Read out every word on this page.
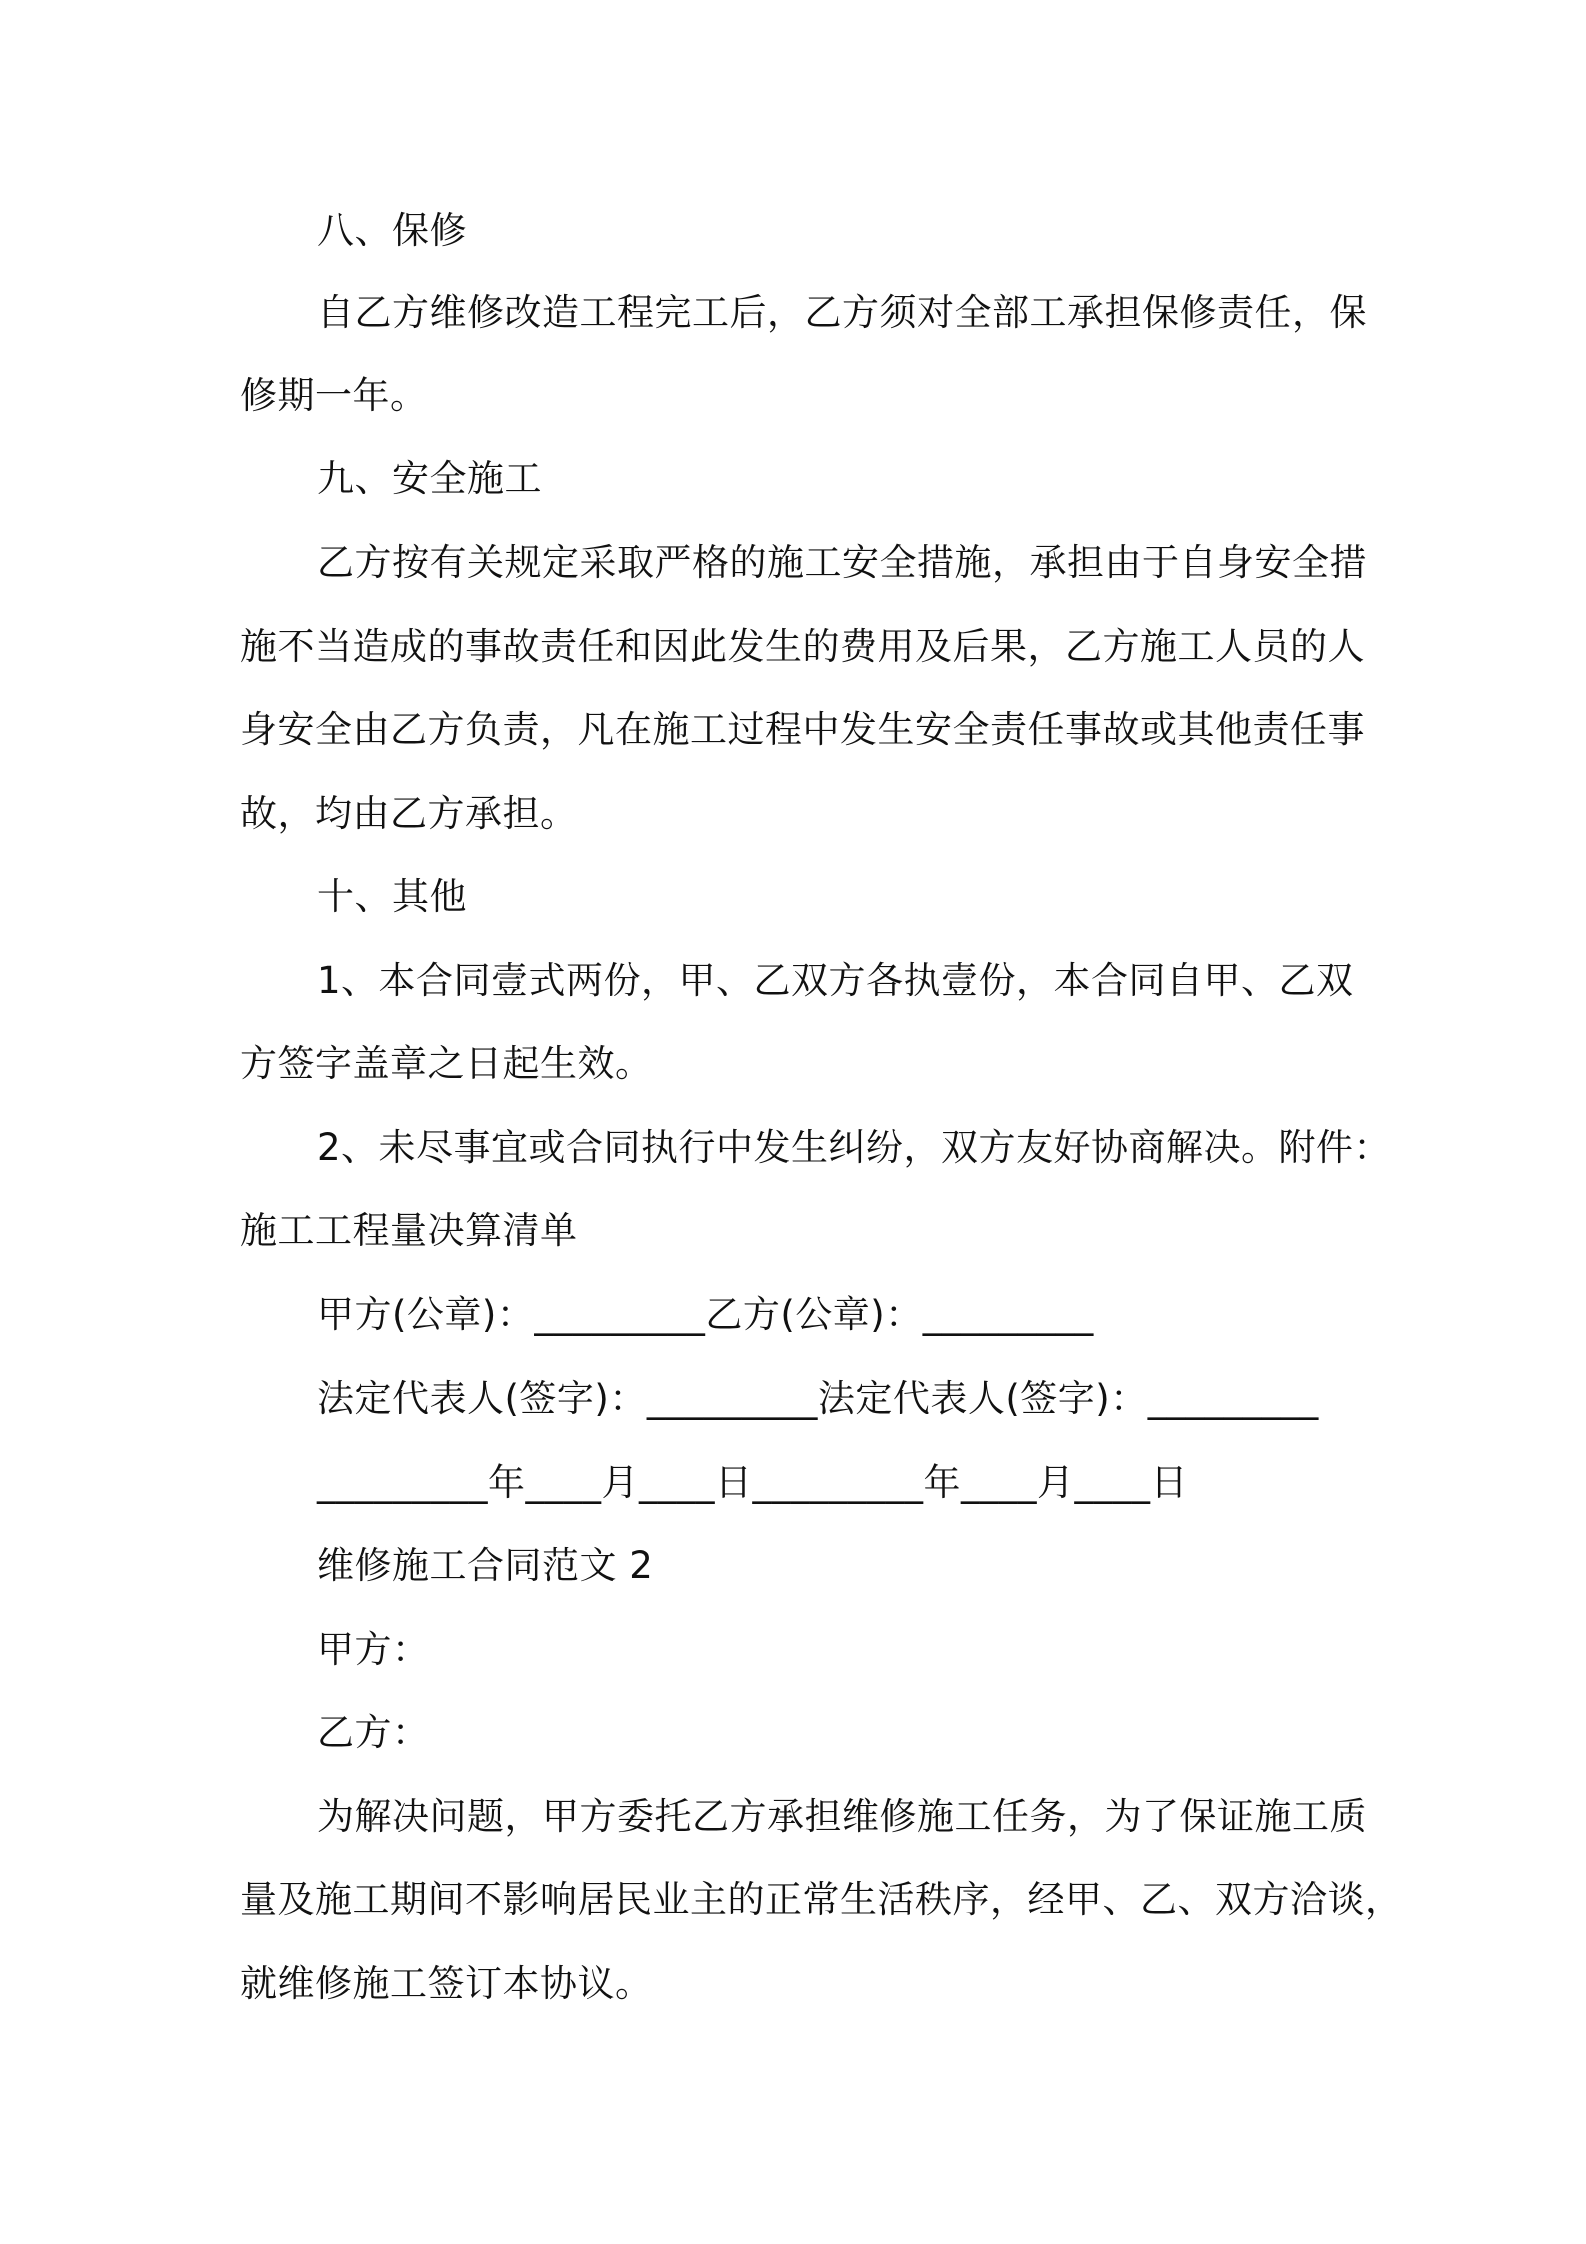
八、保修
自乙方维修改造工程完工后，乙方须对全部工承担保修责任，保
修期一年。
九、安全施工
乙方按有关规定采取严格的施工安全措施，承担由于自身安全措
施不当造成的事故责任和因此发生的费用及后果，乙方施工人员的人
身安全由乙方负责，凡在施工过程中发生安全责任事故或其他责任事
故，均由乙方承担。
十、其他
1、本合同壹式两份，甲、乙双方各执壹份，本合同自甲、乙双
方签字盖章之日起生效。
2、未尽事宜或合同执行中发生纠纷，双方友好协商解决。附件：
施工工程量决算清单
甲方(公章)：_________乙方(公章)：_________
法定代表人(签字)：_________法定代表人(签字)：_________
_________年____月____日_________年____月____日
维修施工合同范文 2
甲方：
乙方：
为解决问题，甲方委托乙方承担维修施工任务，为了保证施工质
量及施工期间不影响居民业主的正常生活秩序，经甲、乙、双方洽谈，
就维修施工签订本协议。
